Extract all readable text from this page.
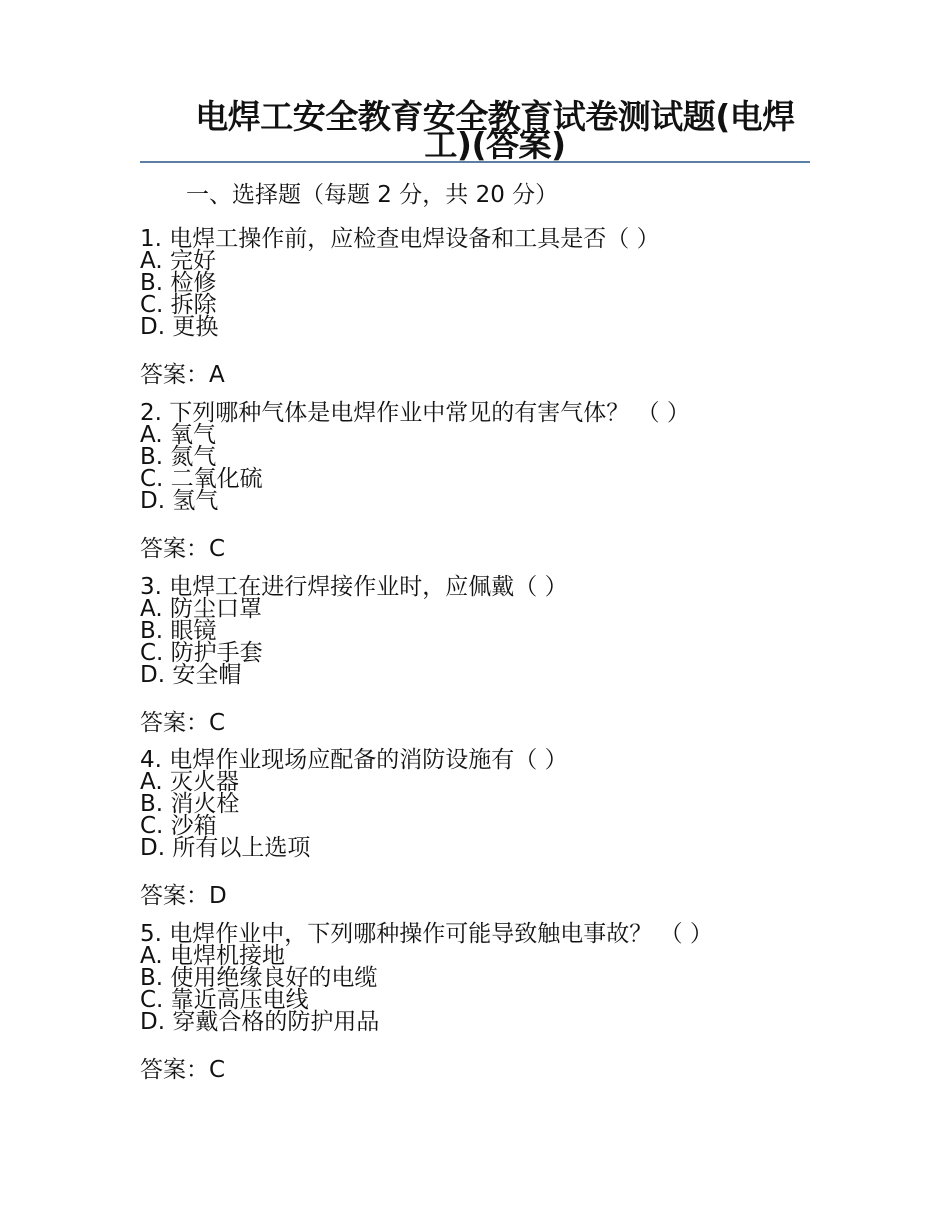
电焊工安全教育安全教育试卷测试题(电焊工)(答案)
一、选择题（每题 2 分，共 20 分）
1. 电焊工操作前，应检查电焊设备和工具是否（ ）
A. 完好
B. 检修
C. 拆除
D. 更换
答案：A
2. 下列哪种气体是电焊作业中常见的有害气体？ （ ）
A. 氧气
B. 氮气
C. 二氧化硫
D. 氢气
答案：C
3. 电焊工在进行焊接作业时，应佩戴（ ）
A. 防尘口罩
B. 眼镜
C. 防护手套
D. 安全帽
答案：C
4. 电焊作业现场应配备的消防设施有（ ）
A. 灭火器
B. 消火栓
C. 沙箱
D. 所有以上选项
答案：D
5. 电焊作业中，下列哪种操作可能导致触电事故？ （ ）
A. 电焊机接地
B. 使用绝缘良好的电缆
C. 靠近高压电线
D. 穿戴合格的防护用品
答案：C
